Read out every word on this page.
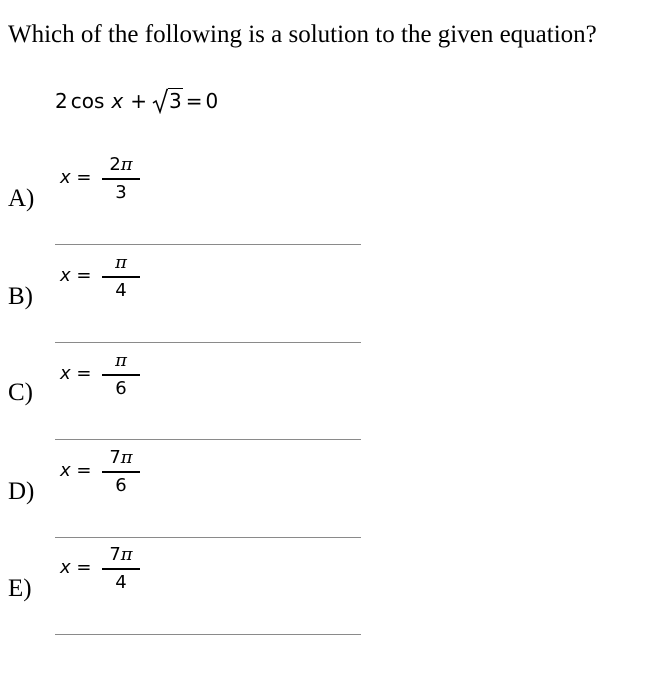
Which of the following is a solution to the given equation?
2 cos x + 3 = 0
A)
x =
2π
3
B)
x =
π
4
C)
x =
π
6
D)
x =
7π
6
E)
x =
7π
4
